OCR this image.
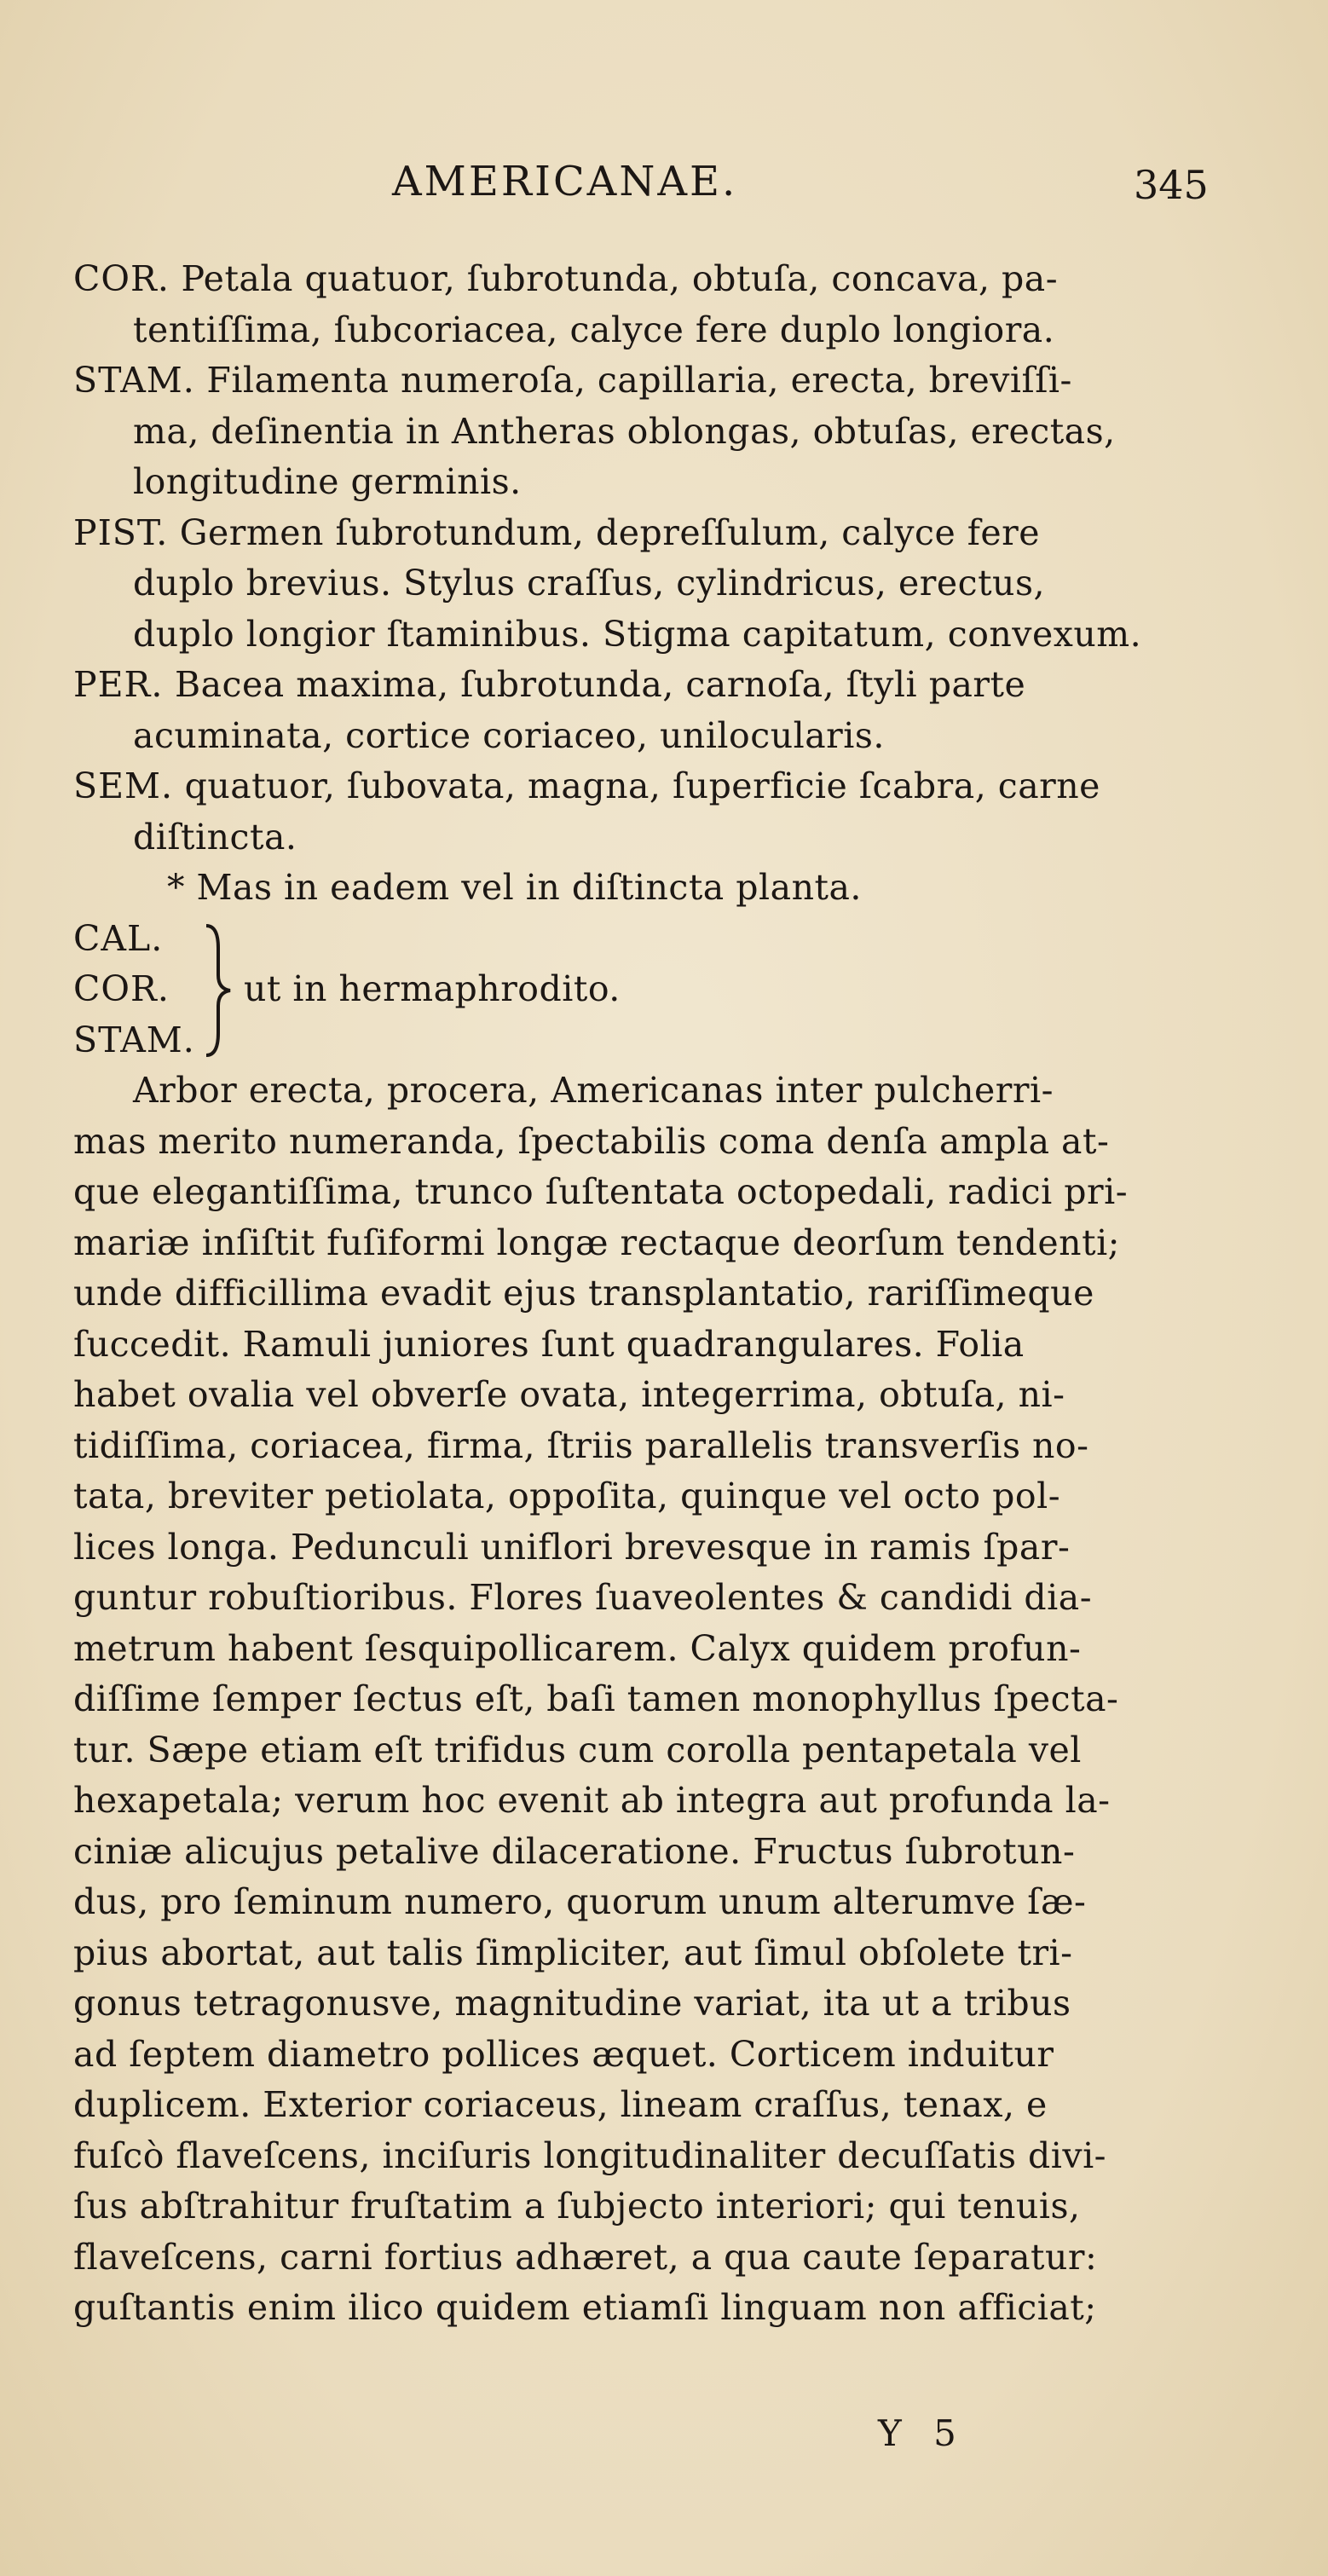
AMERICANAE.	345
COR. Petala quatuor, ſubrotunda, obtuſa, concava, pa-
tentiſſima, ſubcoriacea, calyce fere duplo longiora.
STAM. Filamenta numeroſa, capillaria, erecta, breviſſi-
ma, deſinentia in Antheras oblongas, obtuſas, erectas,
longitudine germinis.
PIST. Germen ſubrotundum, depreſſulum, calyce fere
duplo brevius. Stylus craſſus, cylindricus, erectus,
duplo longior ſtaminibus. Stigma capitatum, convexum.
PER. Bacea maxima, ſubrotunda, carnoſa, ſtyli parte
acuminata, cortice coriaceo, unilocularis.
SEM. quatuor, ſubovata, magna, ſuperficie ſcabra, carne
diſtincta.
* Mas in eadem vel in diſtincta planta.
CAL.
COR.
STAM.
ut in hermaphrodito.
Arbor erecta, procera, Americanas inter pulcherri-
mas merito numeranda, ſpectabilis coma denſa ampla at-
que elegantiſſima, trunco ſuſtentata octopedali, radici pri-
mariæ inſiſtit fuſiformi longæ rectaque deorſum tendenti;
unde difficillima evadit ejus transplantatio, rariſſimeque
ſuccedit. Ramuli juniores ſunt quadrangulares. Folia
habet ovalia vel obverſe ovata, integerrima, obtuſa, ni-
tidiſſima, coriacea, firma, ſtriis parallelis transverſis no-
tata, breviter petiolata, oppoſita, quinque vel octo pol-
lices longa. Pedunculi uniflori brevesque in ramis ſpar-
guntur robuſtioribus. Flores ſuaveolentes & candidi dia-
metrum habent ſesquipollicarem. Calyx quidem profun-
diſſime ſemper ſectus eſt, baſi tamen monophyllus ſpecta-
tur. Sæpe etiam eſt trifidus cum corolla pentapetala vel
hexapetala; verum hoc evenit ab integra aut profunda la-
ciniæ alicujus petalive dilaceratione. Fructus ſubrotun-
dus, pro ſeminum numero, quorum unum alterumve ſæ-
pius abortat, aut talis ſimpliciter, aut ſimul obſolete tri-
gonus tetragonusve, magnitudine variat, ita ut a tribus
ad ſeptem diametro pollices æquet. Corticem induitur
duplicem. Exterior coriaceus, lineam craſſus, tenax, e
fuſcò flaveſcens, inciſuris longitudinaliter decuſſatis divi-
ſus abſtrahitur fruſtatim a ſubjecto interiori; qui tenuis,
flaveſcens, carni fortius adhæret, a qua caute ſeparatur:
guſtantis enim ilico quidem etiamſi linguam non afficiat;
Y 5
